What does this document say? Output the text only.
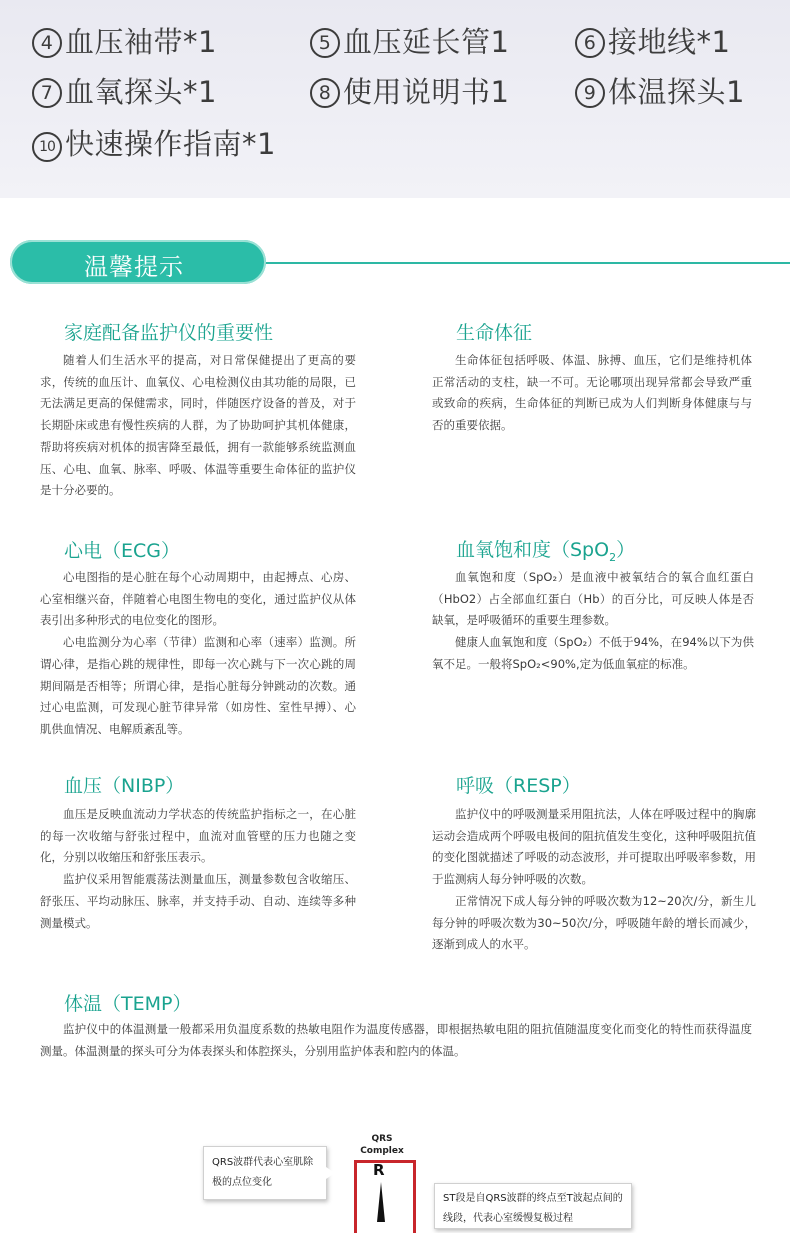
4 血压袖带*1	5 血压延长管1	6 接地线*1
7 血氧探头*1	8 使用说明书1	9 体温探头1
10 快速操作指南*1
温馨提示
家庭配备监护仪的重要性

随着人们生活水平的提高，对日常保健提出了更高的要求，传统的血压计、血氧仪、心电检测仪由其功能的局限，已无法满足更高的保健需求，同时，伴随医疗设备的普及，对于长期卧床或患有慢性疾病的人群，为了协助呵护其机体健康，帮助将疾病对机体的损害降至最低，拥有一款能够系统监测血压、心电、血氧、脉率、呼吸、体温等重要生命体征的监护仪是十分必要的。

生命体征

生命体征包括呼吸、体温、脉搏、血压，它们是维持机体正常活动的支柱，缺一不可。无论哪项出现异常都会导致严重或致命的疾病，生命体征的判断已成为人们判断身体健康与与否的重要依据。

心电（ECG）

心电图指的是心脏在每个心动周期中，由起搏点、心房、心室相继兴奋，伴随着心电图生物电的变化，通过监护仪从体表引出多种形式的电位变化的图形。

心电监测分为心率（节律）监测和心率（速率）监测。所谓心律，是指心跳的规律性，即每一次心跳与下一次心跳的周期间隔是否相等；所谓心律，是指心脏每分钟跳动的次数。通过心电监测，可发现心脏节律异常（如房性、室性早搏）、心肌供血情况、电解质紊乱等。

血氧饱和度（SpO$_2$）

血氧饱和度（SpO₂）是血液中被氧结合的氧合血红蛋白（HbO2）占全部血红蛋白（Hb）的百分比，可反映人体是否缺氧，是呼吸循环的重要生理参数。

健康人血氧饱和度（SpO₂）不低于94%，在94%以下为供氧不足。一般将SpO₂<90%,定为低血氧症的标准。

血压（NIBP）

血压是反映血流动力学状态的传统监护指标之一，在心脏的每一次收缩与舒张过程中，血流对血管壁的压力也随之变化，分别以收缩压和舒张压表示。

监护仪采用智能震荡法测量血压，测量参数包含收缩压、舒张压、平均动脉压、脉率，并支持手动、自动、连续等多种测量模式。

呼吸（RESP）

监护仪中的呼吸测量采用阻抗法，人体在呼吸过程中的胸廓运动会造成两个呼吸电极间的阻抗值发生变化，这种呼吸阻抗值的变化图就描述了呼吸的动态波形，并可提取出呼吸率参数，用于监测病人每分钟呼吸的次数。

正常情况下成人每分钟的呼吸次数为12~20次/分，新生儿每分钟的呼吸次数为30~50次/分，呼吸随年龄的增长而减少，逐渐到成人的水平。

体温（TEMP）

监护仪中的体温测量一般都采用负温度系数的热敏电阻作为温度传感器，即根据热敏电阻的阻抗值随温度变化而变化的特性而获得温度测量。体温测量的探头可分为体表探头和体腔探头，分别用监护体表和腔内的体温。

QRS
Complex
R
QRS波群代表心室肌除极的点位变化
ST段是自QRS波群的终点至T波起点间的线段，代表心室缓慢复极过程
